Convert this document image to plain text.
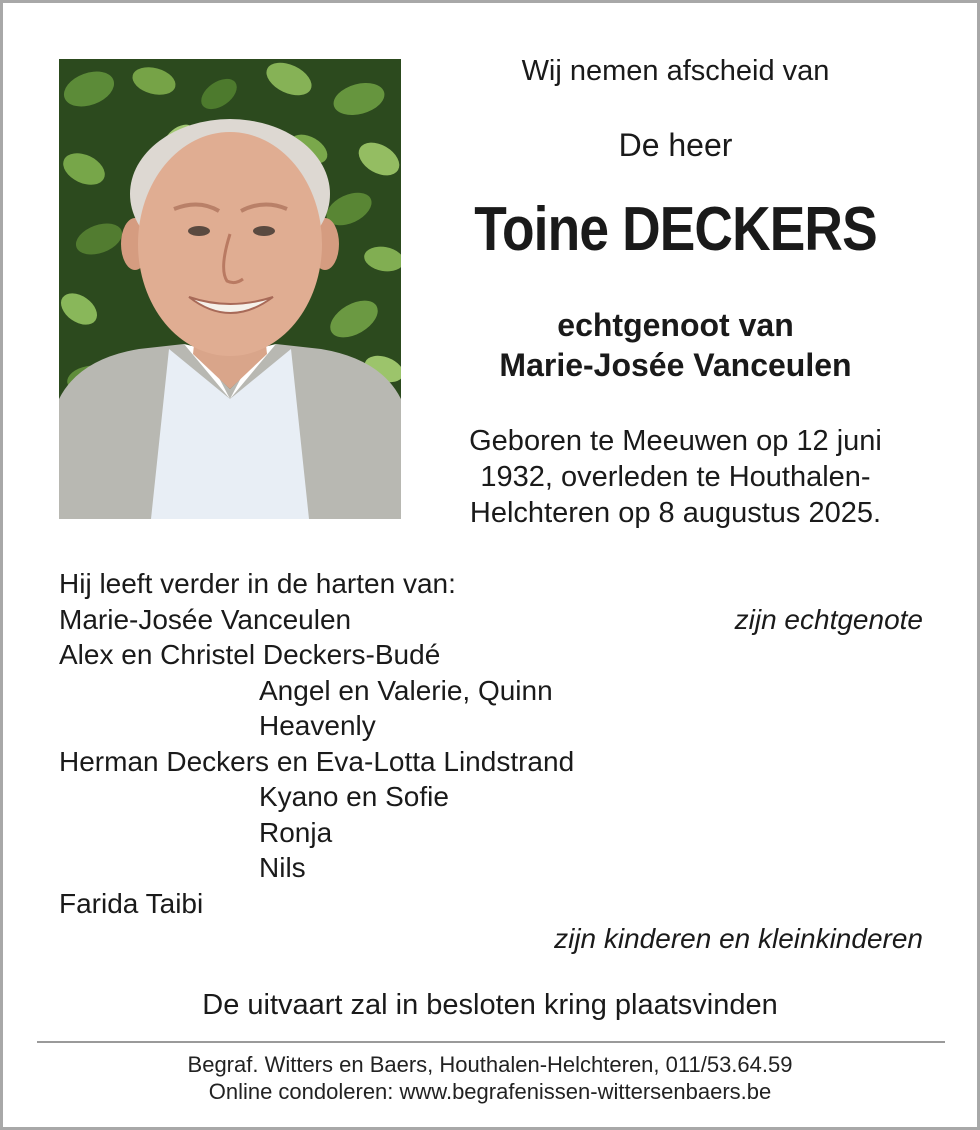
Wij nemen afscheid van
De heer
Toine DECKERS
echtgenoot van
Marie-Josée Vanceulen
Geboren te Meeuwen op 12 juni
1932, overleden te Houthalen-
Helchteren op 8 augustus 2025.
Hij leeft verder in de harten van:
Marie-Josée Vanceulen	zijn echtgenote
Alex en Christel Deckers-Budé
Angel en Valerie, Quinn
Heavenly
Herman Deckers en Eva-Lotta Lindstrand
Kyano en Sofie
Ronja
Nils
Farida Taibi
zijn kinderen en kleinkinderen
De uitvaart zal in besloten kring plaatsvinden
Begraf. Witters en Baers, Houthalen-Helchteren, 011/53.64.59
Online condoleren: www.begrafenissen-wittersenbaers.be
